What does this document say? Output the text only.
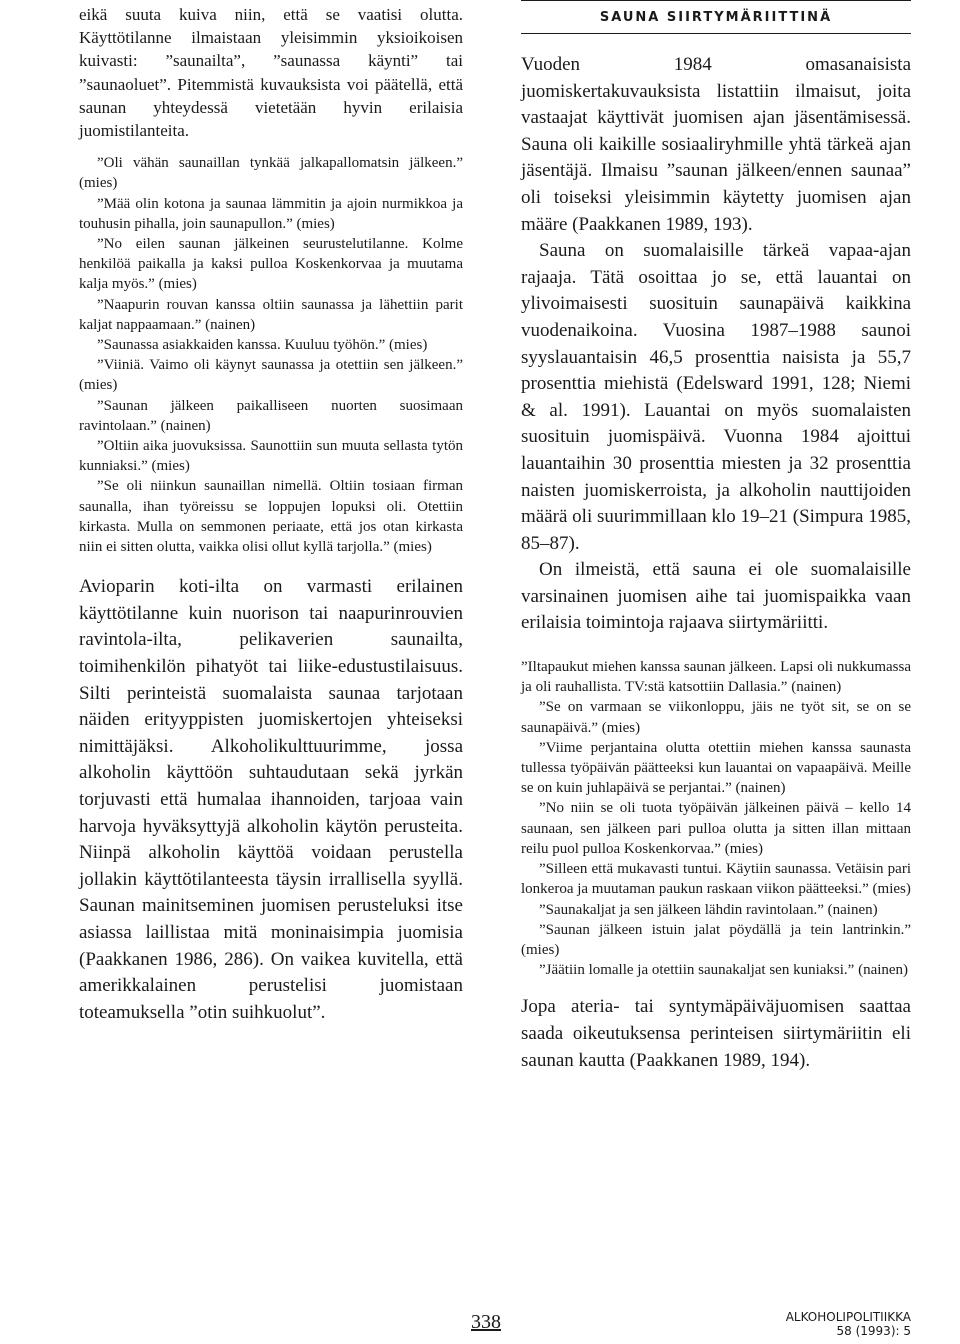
eikä suuta kuiva niin, että se vaatisi olutta. Käyttötilanne ilmaistaan yleisimmin yksioikoisen kuivasti: ”saunailta”, ”saunassa käynti” tai ”saunaoluet”. Pitemmistä kuvauksista voi päätellä, että saunan yhteydessä vietetään hyvin erilaisia juomistilanteita.

”Oli vähän saunaillan tynkää jalkapallomatsin jälkeen.” (mies)

”Mää olin kotona ja saunaa lämmitin ja ajoin nurmikkoa ja touhusin pihalla, join saunapullon.” (mies)

”No eilen saunan jälkeinen seurustelutilanne. Kolme henkilöä paikalla ja kaksi pulloa Koskenkorvaa ja muutama kalja myös.” (mies)

”Naapurin rouvan kanssa oltiin saunassa ja lähettiin parit kaljat nappaamaan.” (nainen)

”Saunassa asiakkaiden kanssa. Kuuluu työhön.” (mies)

”Viiniä. Vaimo oli käynyt saunassa ja otettiin sen jälkeen.” (mies)

”Saunan jälkeen paikalliseen nuorten suosimaan ravintolaan.” (nainen)

”Oltiin aika juovuksissa. Saunottiin sun muuta sellasta tytön kunniaksi.” (mies)

”Se oli niinkun saunaillan nimellä. Oltiin tosiaan firman saunalla, ihan työreissu se loppujen lopuksi oli. Otettiin kirkasta. Mulla on semmonen periaate, että jos otan kirkasta niin ei sitten olutta, vaikka olisi ollut kyllä tarjolla.” (mies)

Avioparin koti-ilta on varmasti erilainen käyttötilanne kuin nuorison tai naapurinrouvien ravintola-ilta, pelikaverien saunailta, toimihenkilön pihatyöt tai liike-edustustilaisuus. Silti perinteistä suomalaista saunaa tarjotaan näiden erityyppisten juomiskertojen yhteiseksi nimittäjäksi. Alkoholikulttuurimme, jossa alkoholin käyttöön suhtaudutaan sekä jyrkän torjuvasti että humalaa ihannoiden, tarjoaa vain harvoja hyväksyttyjä alkoholin käytön perusteita. Niinpä alkoholin käyttöä voidaan perustella jollakin käyttötilanteesta täysin irrallisella syyllä. Saunan mainitseminen juomisen perusteluksi itse asiassa laillistaa mitä moninaisimpia juomisia (Paakkanen 1986, 286). On vaikea kuvitella, että amerikkalainen perustelisi juomistaan toteamuksella ”otin suihkuolut”.

SAUNA SIIRTYMÄRIITTINÄ

Vuoden 1984 omasanaisista juomiskertakuvauksista listattiin ilmaisut, joita vastaajat käyttivät juomisen ajan jäsentämisessä. Sauna oli kaikille sosiaaliryhmille yhtä tärkeä ajan jäsentäjä. Ilmaisu ”saunan jälkeen/ennen saunaa” oli toiseksi yleisimmin käytetty juomisen ajan määre (Paakkanen 1989, 193).

Sauna on suomalaisille tärkeä vapaa-ajan rajaaja. Tätä osoittaa jo se, että lauantai on ylivoimaisesti suosituin saunapäivä kaikkina vuodenaikoina. Vuosina 1987–1988 saunoi syyslauantaisin 46,5 prosenttia naisista ja 55,7 prosenttia miehistä (Edelsward 1991, 128; Niemi & al. 1991). Lauantai on myös suomalaisten suosituin juomispäivä. Vuonna 1984 ajoittui lauantaihin 30 prosenttia miesten ja 32 prosenttia naisten juomiskerroista, ja alkoholin nauttijoiden määrä oli suurimmillaan klo 19–21 (Simpura 1985, 85–87).

On ilmeistä, että sauna ei ole suomalaisille varsinainen juomisen aihe tai juomispaikka vaan erilaisia toimintoja rajaava siirtymäriitti.

”Iltapaukut miehen kanssa saunan jälkeen. Lapsi oli nukkumassa ja oli rauhallista. TV:stä katsottiin Dallasia.” (nainen)

”Se on varmaan se viikonloppu, jäis ne työt sit, se on se saunapäivä.” (mies)

”Viime perjantaina olutta otettiin miehen kanssa saunasta tullessa työpäivän päätteeksi kun lauantai on vapaapäivä. Meille se on kuin juhlapäivä se perjantai.” (nainen)

”No niin se oli tuota työpäivän jälkeinen päivä – kello 14 saunaan, sen jälkeen pari pulloa olutta ja sitten illan mittaan reilu puol pulloa Koskenkorvaa.” (mies)

”Silleen että mukavasti tuntui. Käytiin saunassa. Vetäisin pari lonkeroa ja muutaman paukun raskaan viikon päätteeksi.” (mies)

”Saunakaljat ja sen jälkeen lähdin ravintolaan.” (nainen)

”Saunan jälkeen istuin jalat pöydällä ja tein lantrinkin.” (mies)

”Jäätiin lomalle ja otettiin saunakaljat sen kuniaksi.” (nainen)

Jopa ateria- tai syntymäpäiväjuomisen saattaa saada oikeutuksensa perinteisen siirtymäriitin eli saunan kautta (Paakkanen 1989, 194).

338	ALKOHOLIPOLITIIKKA
58 (1993): 5
